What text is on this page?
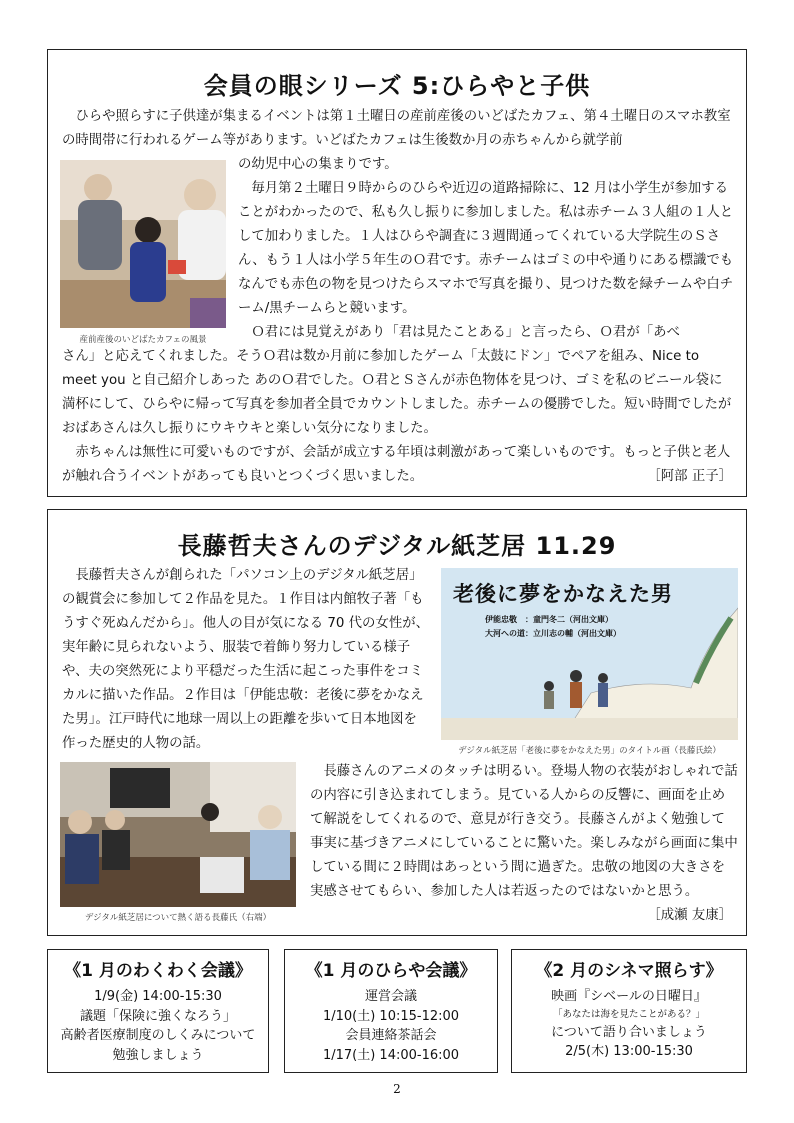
会員の眼シリーズ 5:ひらやと子供

ひらや照らすに子供達が集まるイベントは第１土曜日の産前産後のいどばたカフェ、第４土曜日のスマホ教室の時間帯に行われるゲーム等があります。いどばたカフェは生後数か月の赤ちゃんから就学前

産前産後のいどばたカフェの風景
の幼児中心の集まりです。

毎月第２土曜日９時からのひらや近辺の道路掃除に、12 月は小学生が参加することがわかったので、私も久し振りに参加しました。私は赤チーム３人組の１人として加わりました。１人はひらや調査に３週間通ってくれている大学院生のＳさん、もう１人は小学５年生のＯ君です。赤チームはゴミの中や通りにある標識でもなんでも赤色の物を見つけたらスマホで写真を撮り、見つけた数を緑チームや白チーム/黒チームらと競います。

Ｏ君には見覚えがあり「君は見たことある」と言ったら、Ｏ君が「あべ

さん」と応えてくれました。そうＯ君は数か月前に参加したゲーム「太鼓にドン」でペアを組み、Nice to meet you と自己紹介しあった あのＯ君でした。Ｏ君とＳさんが赤色物体を見つけ、ゴミを私のビニール袋に満杯にして、ひらやに帰って写真を参加者全員でカウントしました。赤チームの優勝でした。短い時間でしたがおばあさんは久し振りにウキウキと楽しい気分になりました。

赤ちゃんは無性に可愛いものですが、会話が成立する年頃は刺激があって楽しいものです。もっと子供と老人が触れ合うイベントがあっても良いとつくづく思いました。	［阿部 正子］
長藤哲夫さんのデジタル紙芝居 11.29

長藤哲夫さんが創られた「パソコン上のデジタル紙芝居」の観賞会に参加して２作品を見た。１作目は内館牧子著「もうすぐ死ぬんだから」。他人の目が気になる 70 代の女性が、実年齢に見られないよう、服装で着飾り努力している様子や、夫の突然死により平穏だった生活に起こった事件をコミカルに描いた作品。２作目は「伊能忠敬：老後に夢をかなえた男」。江戸時代に地球一周以上の距離を歩いて日本地図を作った歴史的人物の話。

老後に夢をかなえた男
伊能忠敬　：童門冬二（河出文庫）
大河への道：立川志の輔（河出文庫）
デジタル紙芝居「老後に夢をかなえた男」のタイトル画（長藤氏絵）
デジタル紙芝居について熱く語る長藤氏（右端）

長藤さんのアニメのタッチは明るい。登場人物の衣装がおしゃれで話の内容に引き込まれてしまう。見ている人からの反響に、画面を止めて解説をしてくれるので、意見が行き交う。長藤さんがよく勉強して事実に基づきアニメにしていることに驚いた。楽しみながら画面に集中している間に２時間はあっという間に過ぎた。忠敬の地図の大きさを実感させてもらい、参加した人は若返ったのではないかと思う。

［成瀬 友康］
《1 月のわくわく会議》
1/9(金) 14:00-15:30
議題「保険に強くなろう」
高齢者医療制度のしくみについて
勉強しましょう
《1 月のひらや会議》
運営会議
1/10(土) 10:15-12:00
会員連絡茶話会
1/17(土) 14:00-16:00
《2 月のシネマ照らす》
映画『シベールの日曜日』
「あなたは海を見たことがある？」
について語り合いましょう
2/5(木) 13:00-15:30
2
